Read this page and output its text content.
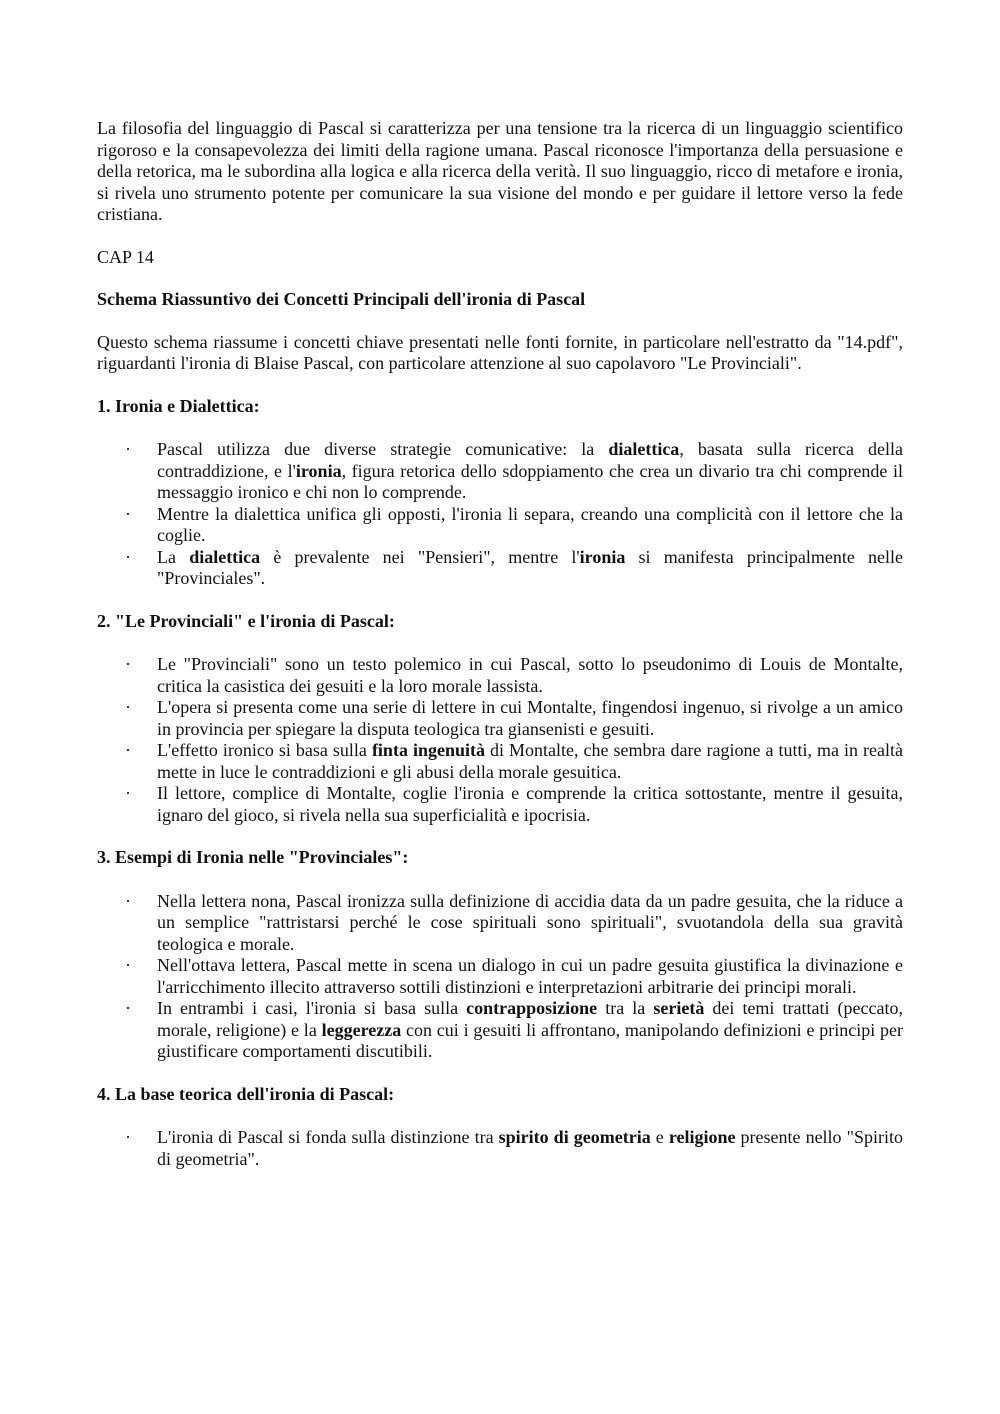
La filosofia del linguaggio di Pascal si caratterizza per una tensione tra la ricerca di un linguaggio scientifico rigoroso e la consapevolezza dei limiti della ragione umana. Pascal riconosce l'importanza della persuasione e della retorica, ma le subordina alla logica e alla ricerca della verità. Il suo linguaggio, ricco di metafore e ironia, si rivela uno strumento potente per comunicare la sua visione del mondo e per guidare il lettore verso la fede cristiana.

CAP 14

Schema Riassuntivo dei Concetti Principali dell'ironia di Pascal

Questo schema riassume i concetti chiave presentati nelle fonti fornite, in particolare nell'estratto da "14.pdf", riguardanti l'ironia di Blaise Pascal, con particolare attenzione al suo capolavoro "Le Provinciali".

1. Ironia e Dialettica:
· Pascal utilizza due diverse strategie comunicative: la dialettica, basata sulla ricerca della contraddizione, e l'ironia, figura retorica dello sdoppiamento che crea un divario tra chi comprende il messaggio ironico e chi non lo comprende.
· Mentre la dialettica unifica gli opposti, l'ironia li separa, creando una complicità con il lettore che la coglie.
· La dialettica è prevalente nei "Pensieri", mentre l'ironia si manifesta principalmente nelle "Provinciales".
2. "Le Provinciali" e l'ironia di Pascal:
· Le "Provinciali" sono un testo polemico in cui Pascal, sotto lo pseudonimo di Louis de Montalte, critica la casistica dei gesuiti e la loro morale lassista.
· L'opera si presenta come una serie di lettere in cui Montalte, fingendosi ingenuo, si rivolge a un amico in provincia per spiegare la disputa teologica tra giansenisti e gesuiti.
· L'effetto ironico si basa sulla finta ingenuità di Montalte, che sembra dare ragione a tutti, ma in realtà mette in luce le contraddizioni e gli abusi della morale gesuitica.
· Il lettore, complice di Montalte, coglie l'ironia e comprende la critica sottostante, mentre il gesuita, ignaro del gioco, si rivela nella sua superficialità e ipocrisia.
3. Esempi di Ironia nelle "Provinciales":
· Nella lettera nona, Pascal ironizza sulla definizione di accidia data da un padre gesuita, che la riduce a un semplice "rattristarsi perché le cose spirituali sono spirituali", svuotandola della sua gravità teologica e morale.
· Nell'ottava lettera, Pascal mette in scena un dialogo in cui un padre gesuita giustifica la divinazione e l'arricchimento illecito attraverso sottili distinzioni e interpretazioni arbitrarie dei principi morali.
· In entrambi i casi, l'ironia si basa sulla contrapposizione tra la serietà dei temi trattati (peccato, morale, religione) e la leggerezza con cui i gesuiti li affrontano, manipolando definizioni e principi per giustificare comportamenti discutibili.
4. La base teorica dell'ironia di Pascal:
· L'ironia di Pascal si fonda sulla distinzione tra spirito di geometria e religione presente nello "Spirito di geometria".
